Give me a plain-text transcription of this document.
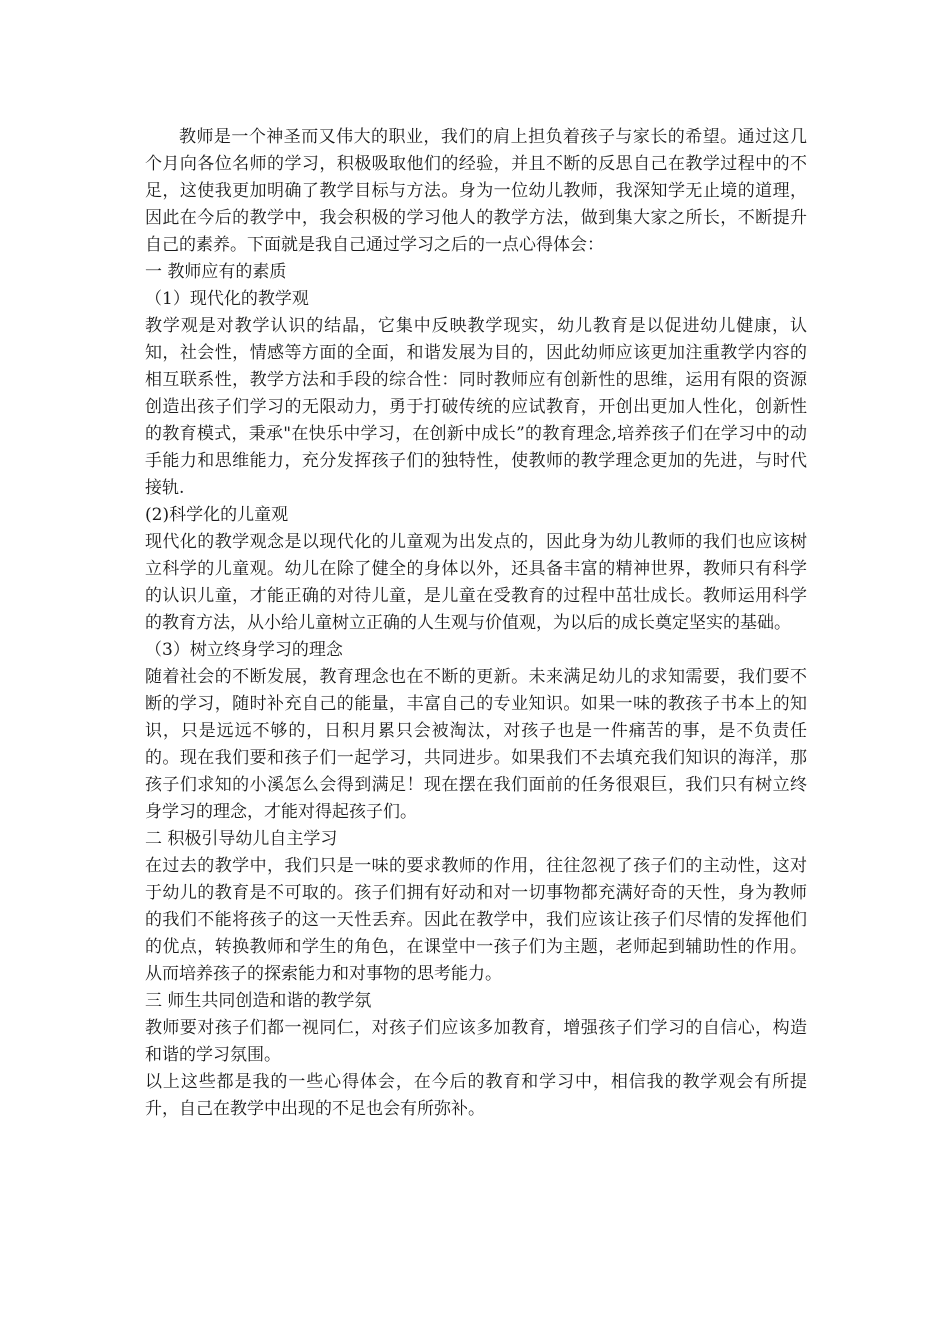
教师是一个神圣而又伟大的职业，我们的肩上担负着孩子与家长的希望。通过这几个月向各位名师的学习，积极吸取他们的经验，并且不断的反思自己在教学过程中的不足，这使我更加明确了教学目标与方法。身为一位幼儿教师，我深知学无止境的道理，因此在今后的教学中，我会积极的学习他人的教学方法，做到集大家之所长，不断提升自己的素养。下面就是我自己通过学习之后的一点心得体会：

一 教师应有的素质

（1）现代化的教学观

教学观是对教学认识的结晶，它集中反映教学现实，幼儿教育是以促进幼儿健康，认知，社会性，情感等方面的全面，和谐发展为目的，因此幼师应该更加注重教学内容的相互联系性，教学方法和手段的综合性：同时教师应有创新性的思维，运用有限的资源创造出孩子们学习的无限动力，勇于打破传统的应试教育，开创出更加人性化，创新性的教育模式，秉承"在快乐中学习，在创新中成长”的教育理念,培养孩子们在学习中的动手能力和思维能力，充分发挥孩子们的独特性，使教师的教学理念更加的先进，与时代接轨.

(2)科学化的儿童观

现代化的教学观念是以现代化的儿童观为出发点的，因此身为幼儿教师的我们也应该树立科学的儿童观。幼儿在除了健全的身体以外，还具备丰富的精神世界，教师只有科学的认识儿童，才能正确的对待儿童，是儿童在受教育的过程中茁壮成长。教师运用科学的教育方法，从小给儿童树立正确的人生观与价值观，为以后的成长奠定坚实的基础。

（3）树立终身学习的理念

随着社会的不断发展，教育理念也在不断的更新。未来满足幼儿的求知需要，我们要不断的学习，随时补充自己的能量，丰富自己的专业知识。如果一味的教孩子书本上的知识，只是远远不够的，日积月累只会被淘汰，对孩子也是一件痛苦的事，是不负责任的。现在我们要和孩子们一起学习，共同进步。如果我们不去填充我们知识的海洋，那孩子们求知的小溪怎么会得到满足！现在摆在我们面前的任务很艰巨，我们只有树立终身学习的理念，才能对得起孩子们。

二 积极引导幼儿自主学习

在过去的教学中，我们只是一味的要求教师的作用，往往忽视了孩子们的主动性，这对于幼儿的教育是不可取的。孩子们拥有好动和对一切事物都充满好奇的天性，身为教师的我们不能将孩子的这一天性丢弃。因此在教学中，我们应该让孩子们尽情的发挥他们的优点，转换教师和学生的角色，在课堂中一孩子们为主题，老师起到辅助性的作用。从而培养孩子的探索能力和对事物的思考能力。

三 师生共同创造和谐的教学氛

教师要对孩子们都一视同仁，对孩子们应该多加教育，增强孩子们学习的自信心，构造和谐的学习氛围。

以上这些都是我的一些心得体会，在今后的教育和学习中，相信我的教学观会有所提升，自己在教学中出现的不足也会有所弥补。
